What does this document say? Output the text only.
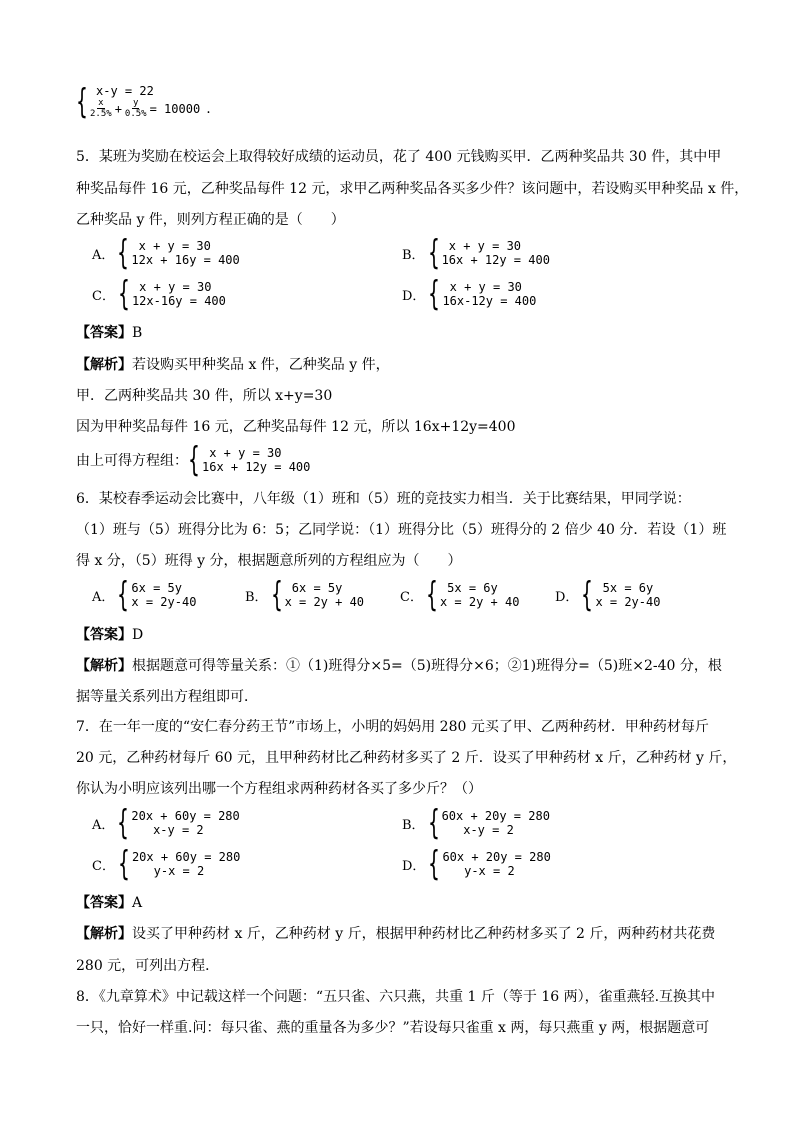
{ x-y = 22
$\frac{x}{2.5\%} + \frac{y}{0.5\%} = 10000$ .
5．某班为奖励在校运会上取得较好成绩的运动员，花了 400 元钱购买甲．乙两种奖品共 30 件，其中甲
种奖品每件 16 元，乙种奖品每件 12 元，求甲乙两种奖品各买多少件？该问题中，若设购买甲种奖品 x 件，
乙种奖品 y 件，则列方程正确的是（　　）
A． { x + y = 30
12x + 16y = 400	B． { x + y = 30
16x + 12y = 400
C． { x + y = 30
12x-16y = 400	D． { x + y = 30
16x-12y = 400
【答案】B
【解析】若设购买甲种奖品 x 件，乙种奖品 y 件，
甲．乙两种奖品共 30 件，所以 x+y=30
因为甲种奖品每件 16 元，乙种奖品每件 12 元，所以 16x+12y=400
由上可得方程组： { x + y = 30
16x + 12y = 400
6．某校春季运动会比赛中，八年级（1）班和（5）班的竞技实力相当．关于比赛结果，甲同学说：
（1）班与（5）班得分比为 6：5；乙同学说：（1）班得分比（5）班得分的 2 倍少 40 分．若设（1）班
得 x 分，（5）班得 y 分，根据题意所列的方程组应为（　　）
A． { 6x = 5y
x = 2y-40	B． { 6x = 5y
x = 2y + 40	C． { 5x = 6y
x = 2y + 40	D． { 5x = 6y
x = 2y-40
【答案】D
【解析】根据题意可得等量关系：①（1)班得分×5=（5)班得分×6；②1)班得分=（5)班×2-40 分，根
据等量关系列出方程组即可．
7．在一年一度的“安仁春分药王节”市场上，小明的妈妈用 280 元买了甲、乙两种药材．甲种药材每斤
20 元，乙种药材每斤 60 元，且甲种药材比乙种药材多买了 2 斤．设买了甲种药材 x 斤，乙种药材 y 斤，
你认为小明应该列出哪一个方程组求两种药材各买了多少斤？（）
A． { 20x + 60y = 280
x-y = 2	B． { 60x + 20y = 280
x-y = 2
C． { 20x + 60y = 280
y-x = 2	D． { 60x + 20y = 280
y-x = 2
【答案】A
【解析】设买了甲种药材 x 斤，乙种药材 y 斤，根据甲种药材比乙种药材多买了 2 斤，两种药材共花费
280 元，可列出方程．
8．《九章算术》中记载这样一个问题：“五只雀、六只燕，共重 1 斤（等于 16 两），雀重燕轻.互换其中
一只，恰好一样重.问：每只雀、燕的重量各为多少？”若设每只雀重 x 两，每只燕重 y 两，根据题意可
